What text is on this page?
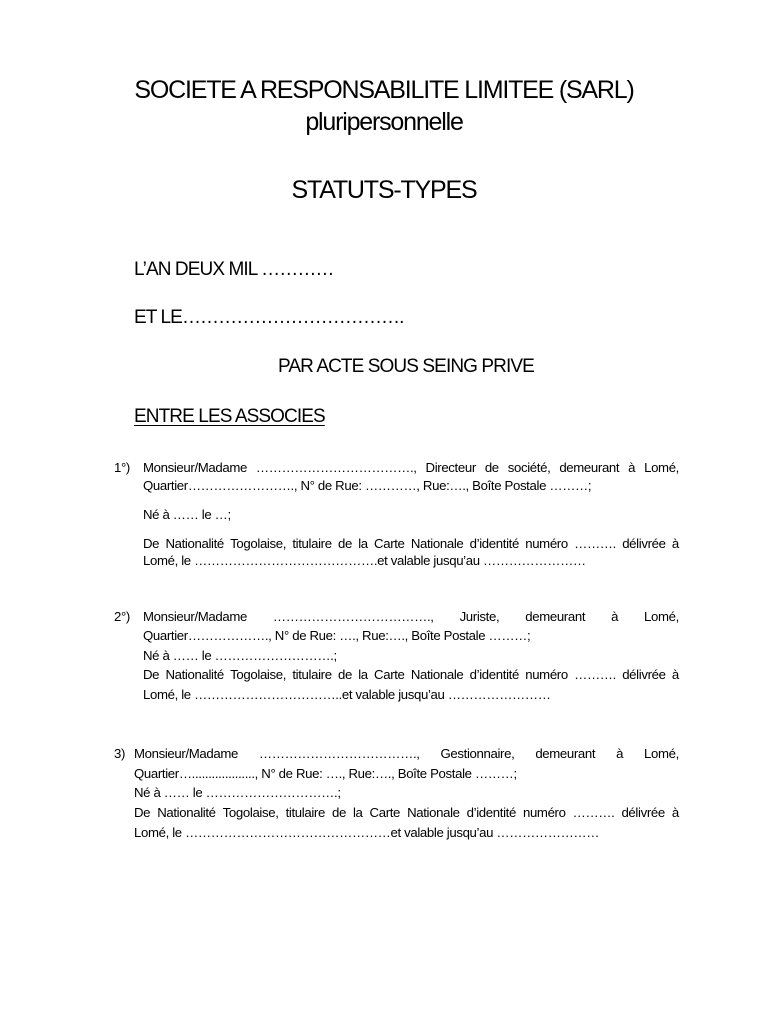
SOCIETE A RESPONSABILITE LIMITEE (SARL)
pluripersonnelle
STATUTS-TYPES
L’AN DEUX MIL …………
ET LE……………………………….
PAR ACTE SOUS SEING PRIVE
ENTRE LES ASSOCIES
1°) Monsieur/Madame ………………………………., Directeur de société, demeurant à Lomé,
Quartier……………………., N° de Rue: …………, Rue:…., Boîte Postale ………;
Né à …… le …;
De Nationalité Togolaise, titulaire de la Carte Nationale d’identité numéro ………. délivrée à
Lomé, le …………………………………….et valable jusqu’au ……………………
2°) Monsieur/Madame ………………………………., Juriste, demeurant à Lomé,
Quartier………………., N° de Rue: …., Rue:…., Boîte Postale ………;
Né à …… le ……………………….;
De Nationalité Togolaise, titulaire de la Carte Nationale d’identité numéro ………. délivrée à
Lomé, le ……………………………..et valable jusqu’au ……………………
3) Monsieur/Madame ………………………………., Gestionnaire, demeurant à Lomé,
Quartier…..................., N° de Rue: …., Rue:…., Boîte Postale ………;
Né à …… le ………………………….;
De Nationalité Togolaise, titulaire de la Carte Nationale d’identité numéro ………. délivrée à
Lomé, le …………………………………………et valable jusqu’au ……………………
